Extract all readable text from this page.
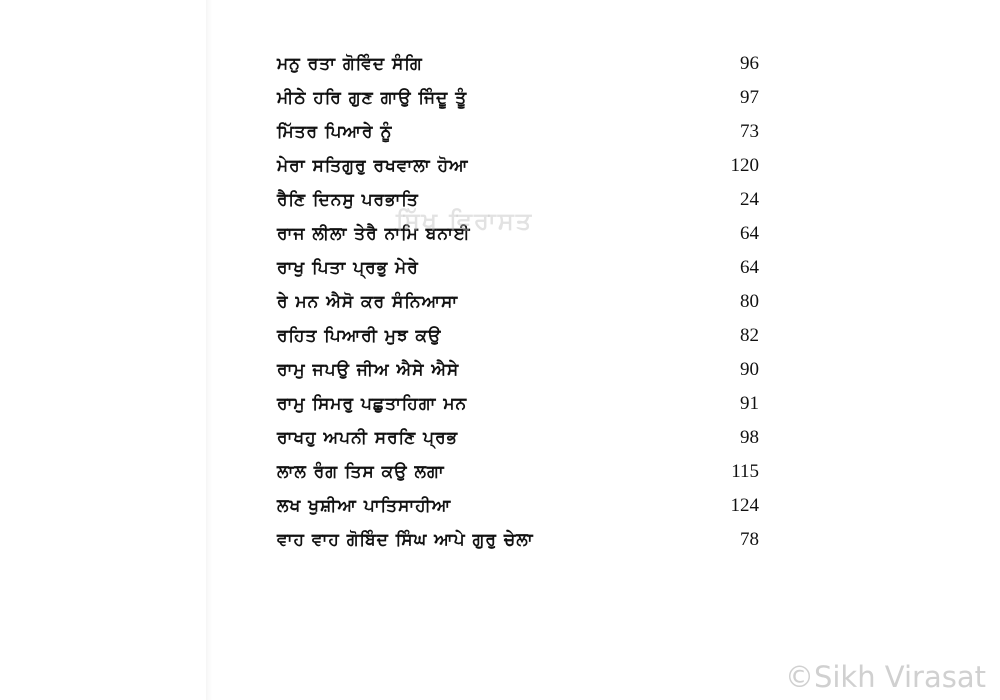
ਮਨੁ ਰਤਾ ਗੋਵਿੰਦ ਸੰਗਿ	96
ਮੀਠੇ ਹਰਿ ਗੁਣ ਗਾਉ ਜਿੰਦੂ ਤੂੰ	97
ਮਿੱਤਰ ਪਿਆਰੇ ਨੂੰ	73
ਮੇਰਾ ਸਤਿਗੁਰੁ ਰਖਵਾਲਾ ਹੋਆ	120
ਰੈਣਿ ਦਿਨਸੁ ਪਰਭਾਤਿ	24
ਰਾਜ ਲੀਲਾ ਤੇਰੈ ਨਾਮਿ ਬਨਾਈ	64
ਰਾਖੁ ਪਿਤਾ ਪ੍ਰਭੁ ਮੇਰੇ	64
ਰੇ ਮਨ ਐਸੋ ਕਰ ਸੰਨਿਆਸਾ	80
ਰਹਿਤ ਪਿਆਰੀ ਮੁਝ ਕਉ	82
ਰਾਮੁ ਜਪਉ ਜੀਅ ਐਸੇ ਐਸੇ	90
ਰਾਮੁ ਸਿਮਰੁ ਪਛੁਤਾਹਿਗਾ ਮਨ	91
ਰਾਖਹੁ ਅਪਨੀ ਸਰਣਿ ਪ੍ਰਭ	98
ਲਾਲ ਰੰਗ ਤਿਸ ਕਉ ਲਗਾ	115
ਲਖ ਖੁਸ਼ੀਆ ਪਾਤਿਸਾਹੀਆ	124
ਵਾਹ ਵਾਹ ਗੋਬਿੰਦ ਸਿੰਘ ਆਪੇ ਗੁਰੁ ਚੇਲਾ	78
ਸਿੱਖ ਵਿਰਾਸਤ
©Sikh Virasat
